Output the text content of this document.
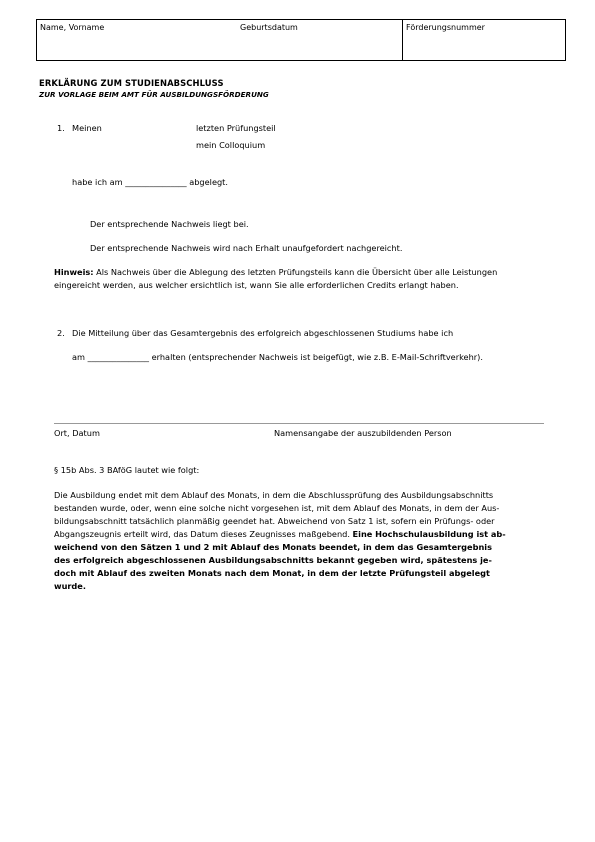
Name, Vorname	Geburtsdatum	Förderungsnummer
ERKLÄRUNG ZUM STUDIENABSCHLUSS
ZUR VORLAGE BEIM AMT FÜR AUSBILDUNGSFÖRDERUNG
1. Meinen	letzten Prüfungsteil
mein Colloquium
habe ich am _______________ abgelegt.
Der entsprechende Nachweis liegt bei.
Der entsprechende Nachweis wird nach Erhalt unaufgefordert nachgereicht.
Hinweis: Als Nachweis über die Ablegung des letzten Prüfungsteils kann die Übersicht über alle Leistungen
eingereicht werden, aus welcher ersichtlich ist, wann Sie alle erforderlichen Credits erlangt haben.
2. Die Mitteilung über das Gesamtergebnis des erfolgreich abgeschlossenen Studiums habe ich
am _______________ erhalten (entsprechender Nachweis ist beigefügt, wie z.B. E-Mail-Schriftverkehr).
Ort, Datum	Namensangabe der auszubildenden Person
§ 15b Abs. 3 BAföG lautet wie folgt:
Die Ausbildung endet mit dem Ablauf des Monats, in dem die Abschlussprüfung des Ausbildungsabschnitts
bestanden wurde, oder, wenn eine solche nicht vorgesehen ist, mit dem Ablauf des Monats, in dem der Aus-
bildungsabschnitt tatsächlich planmäßig geendet hat. Abweichend von Satz 1 ist, sofern ein Prüfungs- oder
Abgangszeugnis erteilt wird, das Datum dieses Zeugnisses maßgebend. Eine Hochschulausbildung ist ab-
weichend von den Sätzen 1 und 2 mit Ablauf des Monats beendet, in dem das Gesamtergebnis
des erfolgreich abgeschlossenen Ausbildungsabschnitts bekannt gegeben wird, spätestens je-
doch mit Ablauf des zweiten Monats nach dem Monat, in dem der letzte Prüfungsteil abgelegt
wurde.
